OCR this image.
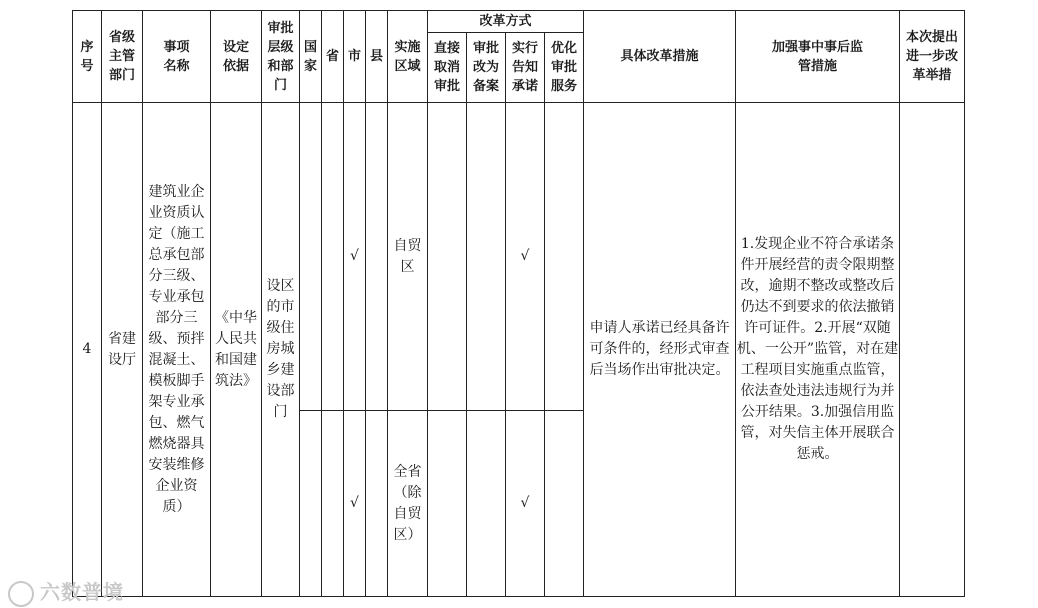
序号	省级主管部门	事项名称	设定依据	审批层级和部门	国家	省	市	县	实施区域	改革方式				具体改革措施	加强事中事后监管措施	本次提出进一步改革举措
										直接取消审批	审批改为备案	实行告知承诺	优化审批服务			
4	省建设厅	建筑业企业资质认定（施工总承包部分三级、专业承包部分三级、预拌混凝土、模板脚手架专业承包、燃气燃烧器具安装维修企业资质）	《中华人民共和国建筑法》	设区的市级住房城乡建设部门			√		自贸区			√		申请人承诺已经具备许可条件的，经形式审查后当场作出审批决定。	1.发现企业不符合承诺条件开展经营的责令限期整改，逾期不整改或整改后仍达不到要求的依法撤销许可证件。2.开展“双随机、一公开”监管，对在建工程项目实施重点监管，依法查处违法违规行为并公开结果。3.加强信用监管，对失信主体开展联合惩戒。	

							√		全省（除自贸区）			√				
六数普境
